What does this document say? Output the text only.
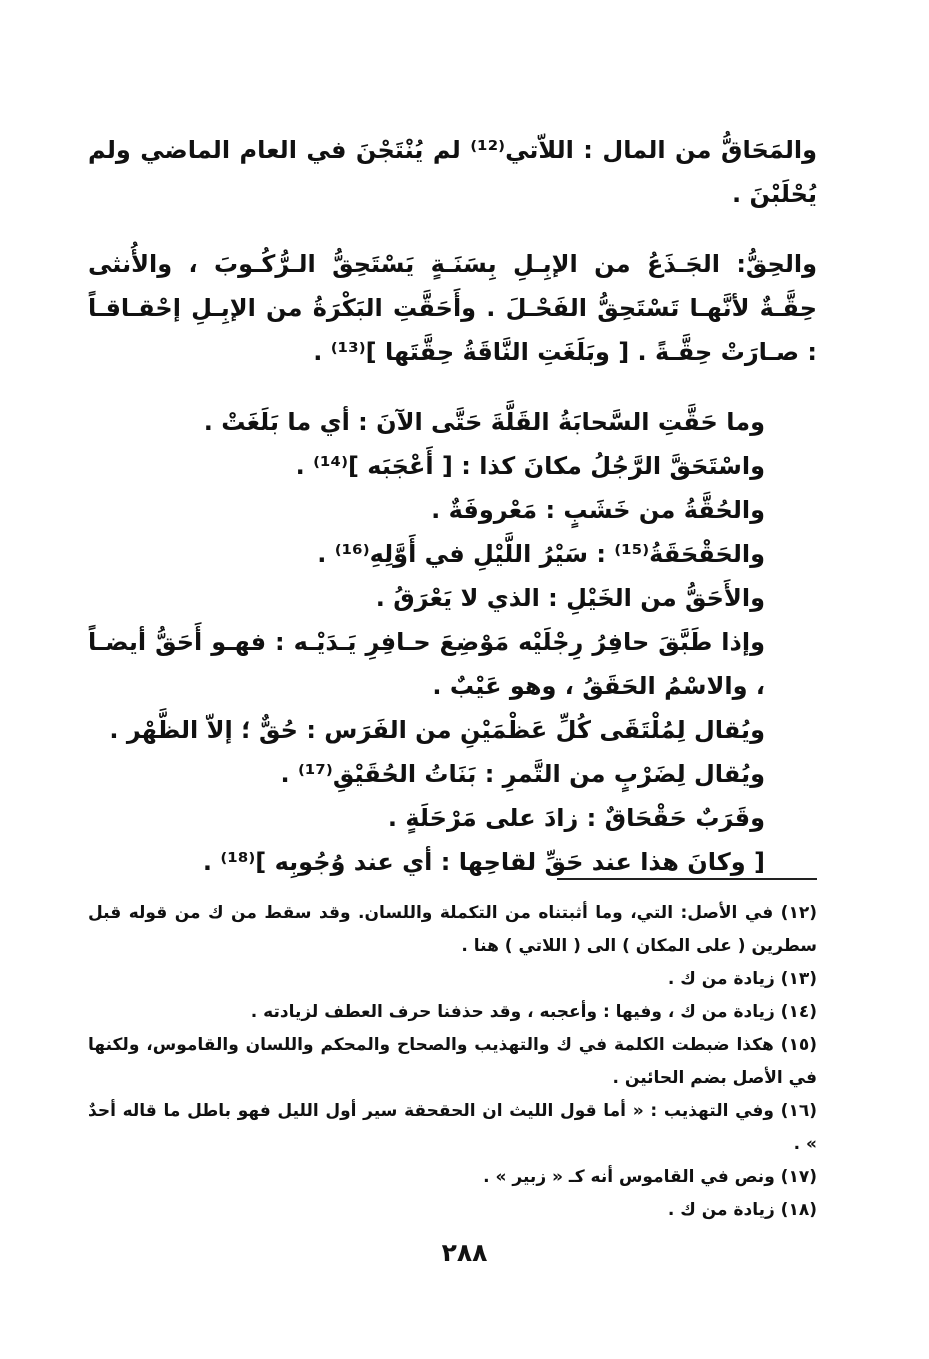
والمَحَاقُّ من المال : اللاّتي⁽¹²⁾ لم يُنْتَجْنَ في العام الماضي ولم يُحْلَبْنَ .

والحِقُّ: الجَـذَعُ من الإبِـلِ بِسَنَـةٍ يَسْتَحِقُّ الـرُّكُـوبَ ، والأُنثى حِقَّـةٌ لأنَّهـا تَسْتَحِقُّ الفَحْـلَ . وأَحَقَّتِ البَكْرَةُ من الإبِـلِ إحْقـاقـاً : صـارَتْ حِقَّـةً . [ وبَلَغَتِ النَّاقَةُ حِقَّتَها ]⁽¹³⁾ .

وما حَقَّتِ السَّحابَةُ القَلَّةَ حَتَّى الآنَ : أي ما بَلَغَتْ .

واسْتَحَقَّ الرَّجُلُ مكانَ كذا : [ أَعْجَبَه ]⁽¹⁴⁾ .

والحُقَّةُ من خَشَبٍ : مَعْروفَةٌ .

والحَقْحَقَةُ⁽¹⁵⁾ : سَيْرُ اللَّيْلِ في أَوَّلِهِ⁽¹⁶⁾ .

والأَحَقُّ من الخَيْلِ : الذي لا يَعْرَقُ .

وإذا طَبَّقَ حافِرُ رِجْلَيْه مَوْضِعَ حـافِرِ يَـدَيْـه : فهـو أَحَقُّ أيضـاً ، والاسْمُ الحَقَقُ ، وهو عَيْبٌ .

ويُقال لِمُلْتَقَى كُلِّ عَظْمَيْنِ من الفَرَس : حُقٌّ ؛ إلاّ الظَّهْر .

ويُقال لِضَرْبٍ من التَّمرِ : بَنَاتُ الحُقَيْقِ⁽¹⁷⁾ .

وقَرَبٌ حَقْحَاقٌ : زادَ على مَرْحَلَةٍ .

[ وكانَ هذا عند حَقِّ لقاحِها : أي عند وُجُوبِه ]⁽¹⁸⁾ .

(١٢) في الأصل: التي، وما أثبتناه من التكملة واللسان. وقد سقط من ك من قوله قبل سطرين ( على المكان ) الى ( اللاتي ) هنا .

(١٣) زيادة من ك .

(١٤) زيادة من ك ، وفيها : وأعجبه ، وقد حذفنا حرف العطف لزيادته .

(١٥) هكذا ضبطت الكلمة في ك والتهذيب والصحاح والمحكم واللسان والقاموس، ولكنها في الأصل بضم الحائين .

(١٦) وفي التهذيب : « أما قول الليث ان الحقحقة سير أول الليل فهو باطل ما قاله أحدٌ » .

(١٧) ونص في القاموس أنه كـ « زبير » .

(١٨) زيادة من ك .

٢٨٨
